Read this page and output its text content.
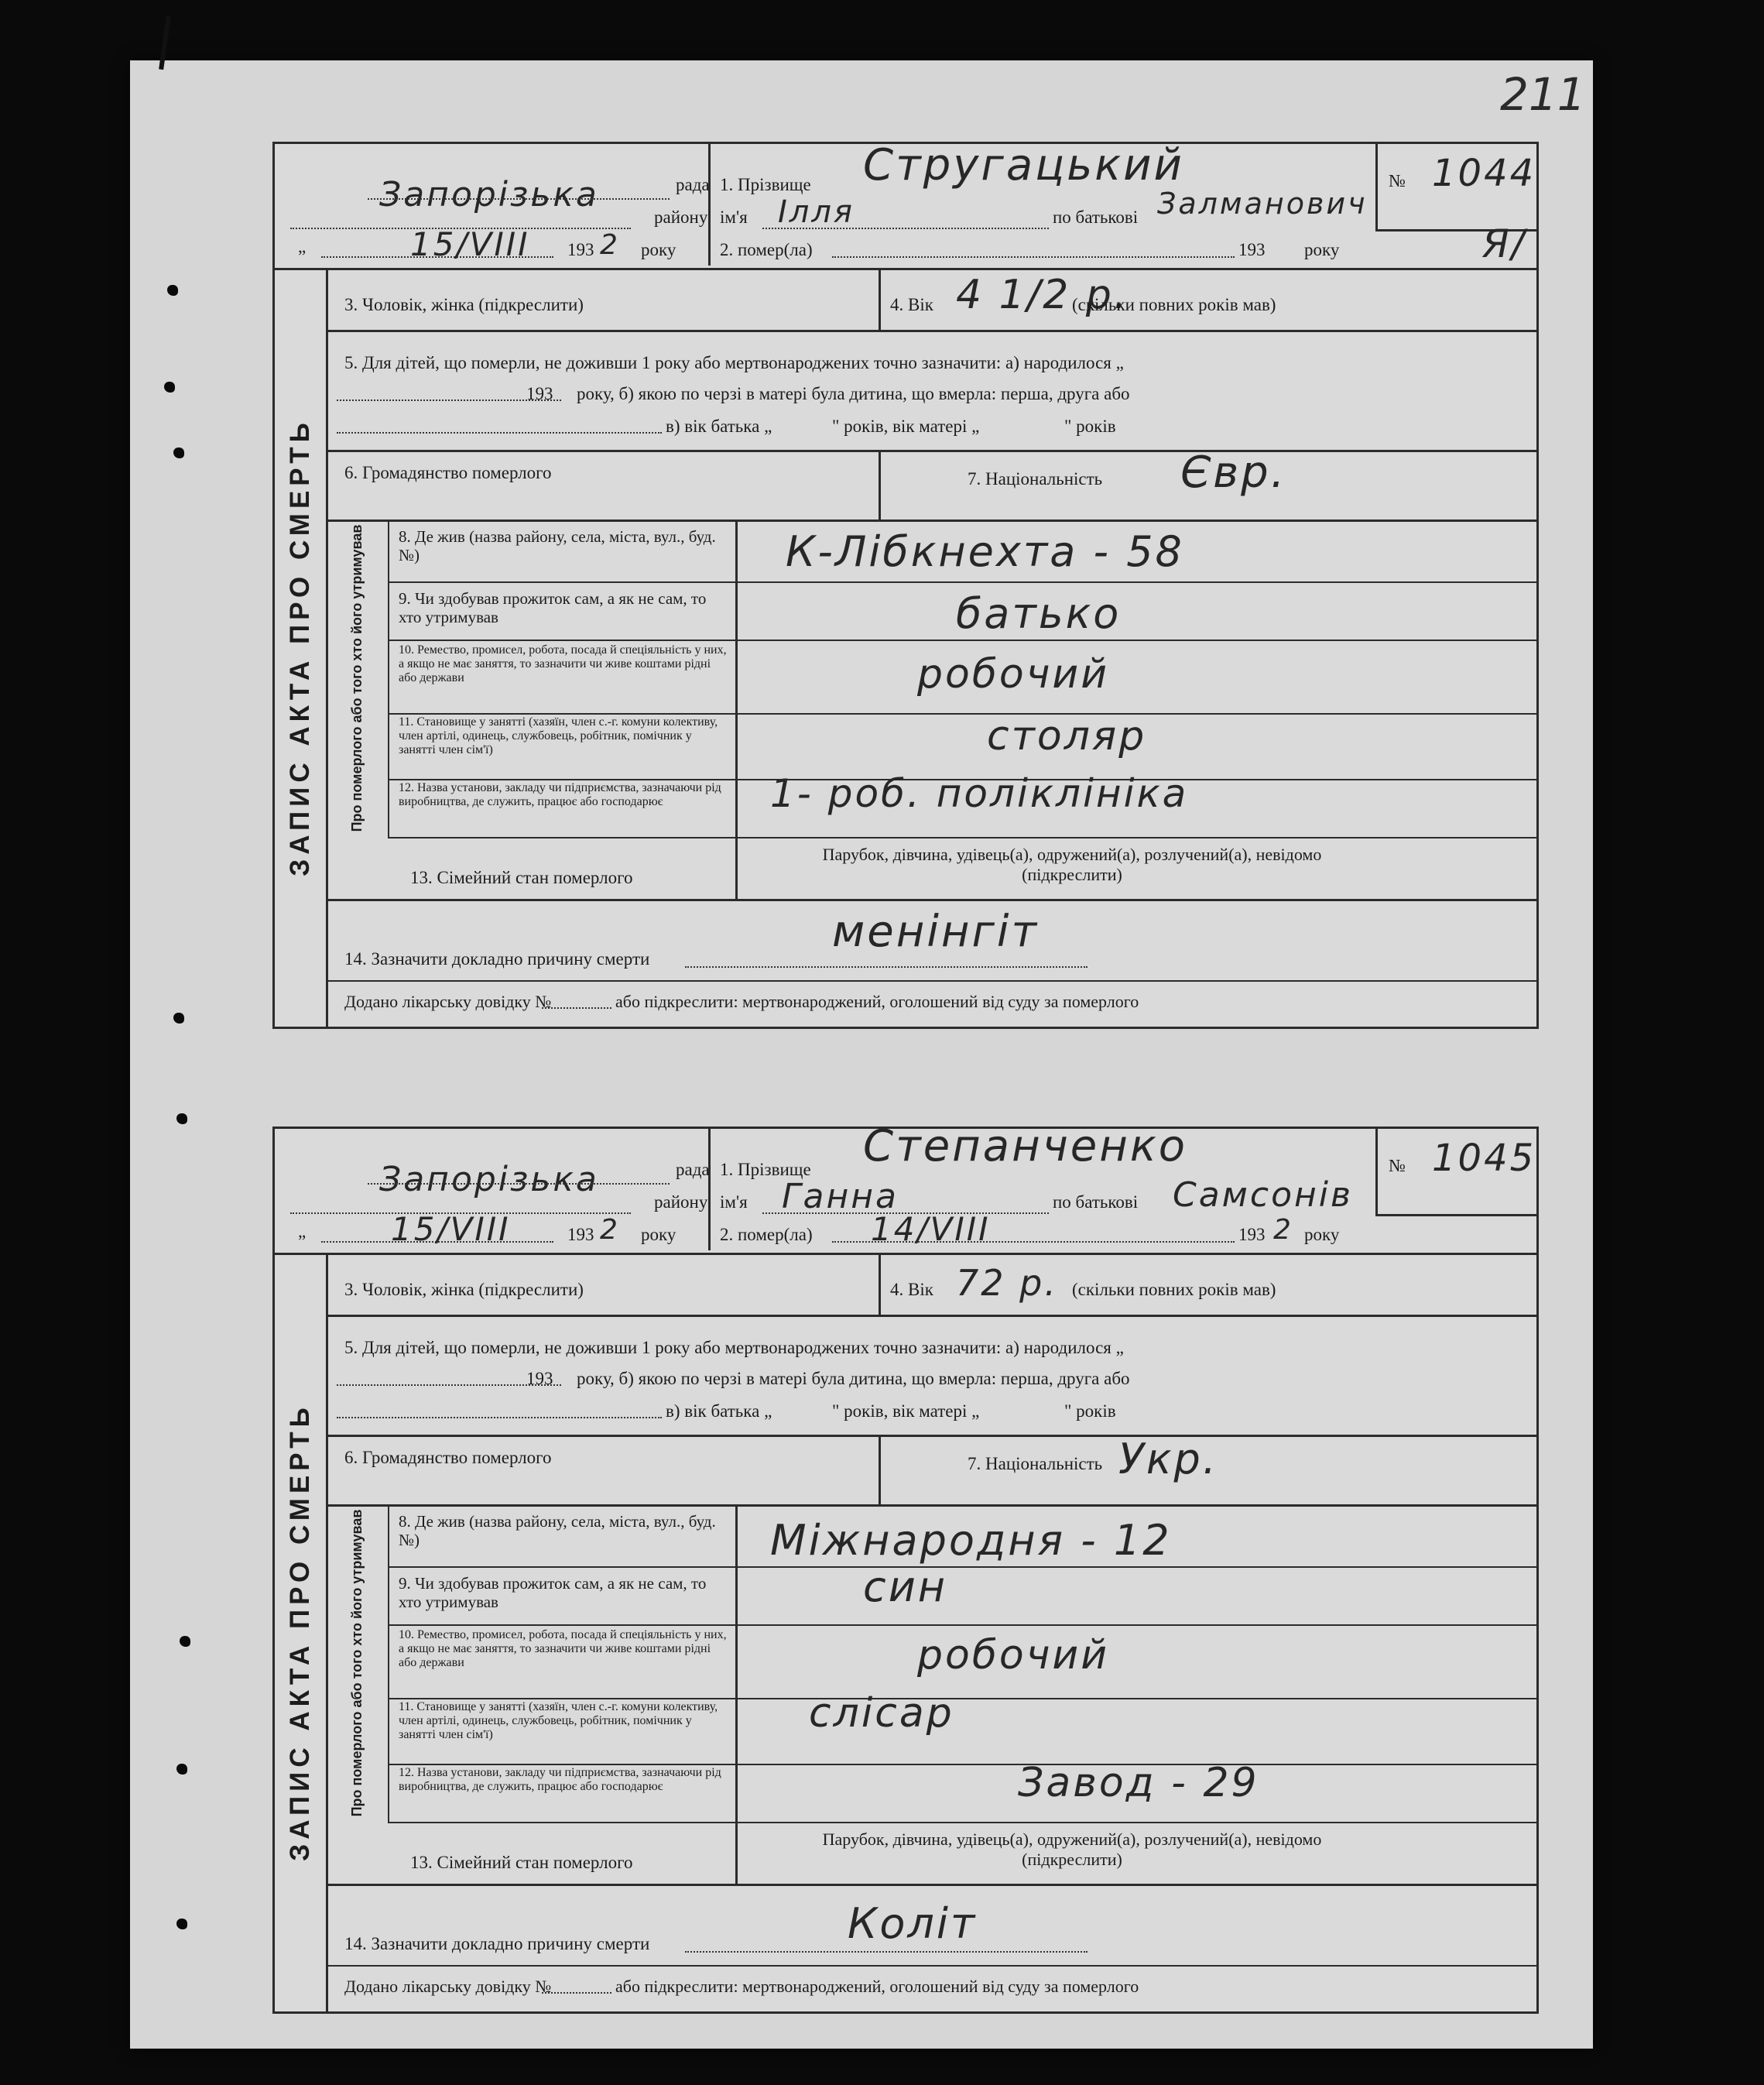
211
Запорізька	рада
району
„	15/VIII 193 2 року
1. Прізвище Стругацький
ім'я Ілля	по батькові Залманович
2. помер(ла)	193 року
№ 1044
Я/
ЗАПИС АКТА ПРО СМЕРТЬ
3. Чоловік, жінка (підкреслити)	4. Вік 4 1/2 р.
(скільки повних років мав)
5. Для дітей, що померли, не доживши 1 року або мертвонароджених точно зазначити: а) народилося „
193 року, б) якою по черзі в матері була дитина, що вмерла: перша, друга або
в) вік батька „	" років, вік матері „	" років
6. Громадянство померлого	7. Національність Євр.
Про померлого або того хто його утримував 8. Де жив (назва району, села, міста, вул., буд. №)	К-Лібкнехта - 58
9. Чи здобував прожиток сам, а як не сам, то хто утримував	батько
10. Ремество, промисел, робота, посада й спеціяльність у них, а якщо не має заняття, то зазначити чи живе коштами рідні або держави	робочий
11. Становище у занятті (хазяїн, член с.-г. комуни колективу, член артілі, одинець, службовець, робітник, помічник у занятті член сім'ї)	столяр
12. Назва установи, закладу чи підприємства, зазначаючи рід виробництва, де служить, працює або господарює	1- роб. поліклініка
13. Сімейний стан померлого
Парубок, дівчина, удівець(а), одружений(а), розлучений(а), невідомо (підкреслити)
14. Зазначити докладно причину смерти
менінгіт
Додано лікарську довідку №	або підкреслити: мертвонароджений, оголошений від суду за померлого
Запорізька	рада
району
„	15/VIII	193 2 року
1. Прізвище Степанченко
ім'я Ганна	по батькові Самсонів
2. помер(ла) 14/VIII	193 2 року
№ 1045
ЗАПИС АКТА ПРО СМЕРТЬ
3. Чоловік, жінка (підкреслити)	4. Вік 72 р. (скільки повних років мав)
5. Для дітей, що померли, не доживши 1 року або мертвонароджених точно зазначити: а) народилося „
193 року, б) якою по черзі в матері була дитина, що вмерла: перша, друга або
в) вік батька „	" років, вік матері „	" років
6. Громадянство померлого	7. Національність Укр.
Про померлого або того хто його утримував 8. Де жив (назва району, села, міста, вул., буд. №)	Міжнародня - 12
9. Чи здобував прожиток сам, а як не сам, то хто утримував	син
10. Ремество, промисел, робота, посада й спеціяльність у них, а якщо не має заняття, то зазначити чи живе коштами рідні або держави	робочий
11. Становище у занятті (хазяїн, член с.-г. комуни колективу, член артілі, одинець, службовець, робітник, помічник у занятті член сім'ї)	слісар
12. Назва установи, закладу чи підприємства, зазначаючи рід виробництва, де служить, працює або господарює	Завод - 29
13. Сімейний стан померлого
Парубок, дівчина, удівець(а), одружений(а), розлучений(а), невідомо (підкреслити)
14. Зазначити докладно причину смерти	Коліт
Додано лікарську довідку №	або підкреслити: мертвонароджений, оголошений від суду за померлого
